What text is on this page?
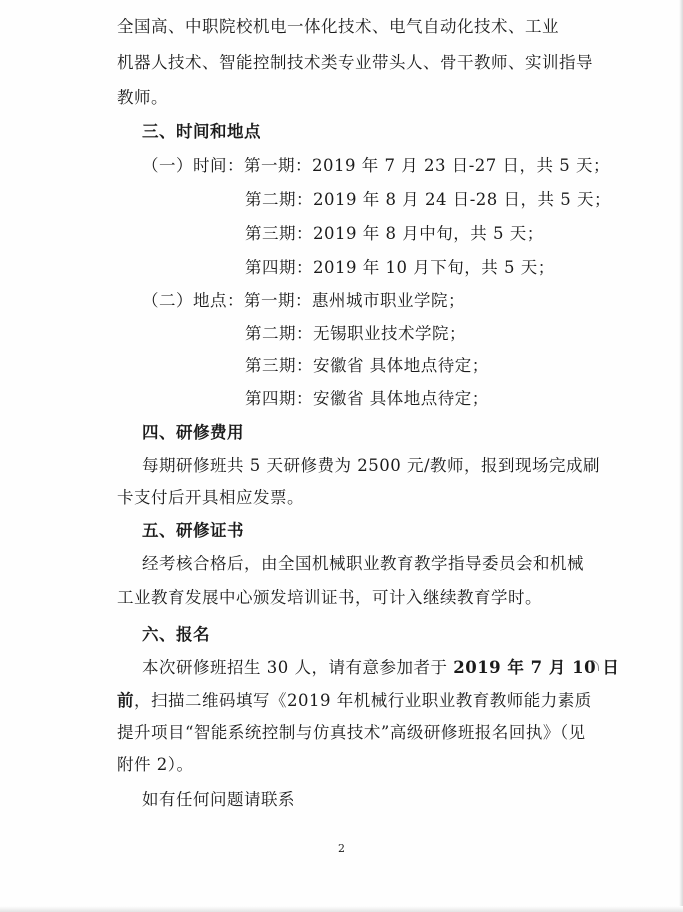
全国高、中职院校机电一体化技术、电气自动化技术、工业
机器人技术、智能控制技术类专业带头人、骨干教师、实训指导
教师。
三、时间和地点
（一）时间：第一期：2019 年 7 月 23 日-27 日，共 5 天；
第二期：2019 年 8 月 24 日-28 日，共 5 天；
第三期：2019 年 8 月中旬，共 5 天；
第四期：2019 年 10 月下旬，共 5 天；
（二）地点：第一期：惠州城市职业学院；
第二期：无锡职业技术学院；
第三期：安徽省 具体地点待定；
第四期：安徽省 具体地点待定；
四、研修费用
每期研修班共 5 天研修费为 2500 元/教师，报到现场完成刷
卡支付后开具相应发票。
五、研修证书
经考核合格后，由全国机械职业教育教学指导委员会和机械
工业教育发展中心颁发培训证书，可计入继续教育学时。
六、报名
本次研修班招生 30 人，请有意参加者于 2019 年 7 月 10 日
前，扫描二维码填写《2019 年机械行业职业教育教师能力素质
提升项目“智能系统控制与仿真技术”高级研修班报名回执》（见
附件 2）。
如有任何问题请联系
2
